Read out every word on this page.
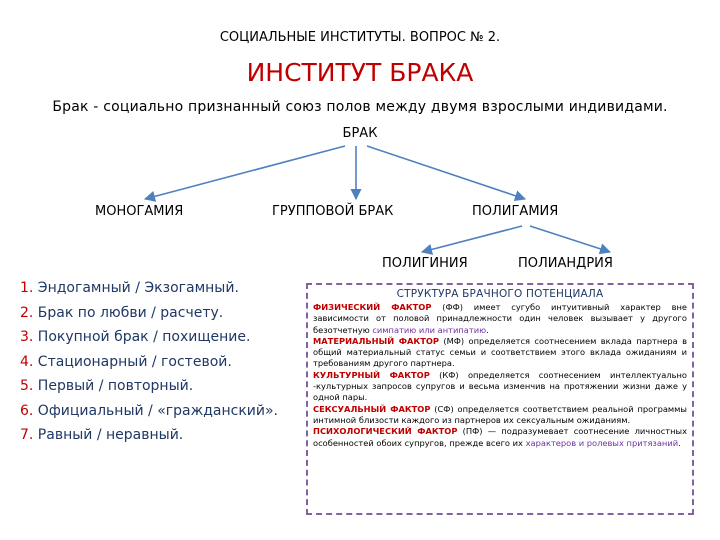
СОЦИАЛЬНЫЕ ИНСТИТУТЫ. ВОПРОС № 2.
ИНСТИТУТ БРАКА
Брак - социально признанный союз полов между двумя взрослыми индивидами.
БРАК
МОНОГАМИЯ	ГРУППОВОЙ БРАК	ПОЛИГАМИЯ
ПОЛИГИНИЯ	ПОЛИАНДРИЯ
1. Эндогамный / Экзогамный.
2. Брак по любви / расчету.
3. Покупной брак / похищение.
4. Стационарный / гостевой.
5. Первый / повторный.
6. Официальный / «гражданский».
7. Равный / неравный.
СТРУКТУРА БРАЧНОГО ПОТЕНЦИАЛА
ФИЗИЧЕСКИЙ ФАКТОР (ФФ) имеет сугубо интуитивный характер вне зависимости от половой принадлежности один человек вызывает у другого безотчетную симпатию или антипатию.
МАТЕРИАЛЬНЫЙ ФАКТОР (МФ) определяется соотнесением вклада партнера в общий материальный статус семьи и соответствием этого вклада ожиданиям и требованиям другого партнера.
КУЛЬТУРНЫЙ ФАКТОР (КФ) определяется соотнесением интеллектуально -культурных запросов супругов и весьма изменчив на протяжении жизни даже у одной пары.
СЕКСУАЛЬНЫЙ ФАКТОР (СФ) определяется соответствием реальной программы интимной близости каждого из партнеров их сексуальным ожиданиям.
ПСИХОЛОГИЧЕСКИЙ ФАКТОР (ПФ) — подразумевает соотнесение личностных особенностей обоих супругов, прежде всего их характеров и ролевых притязаний.
